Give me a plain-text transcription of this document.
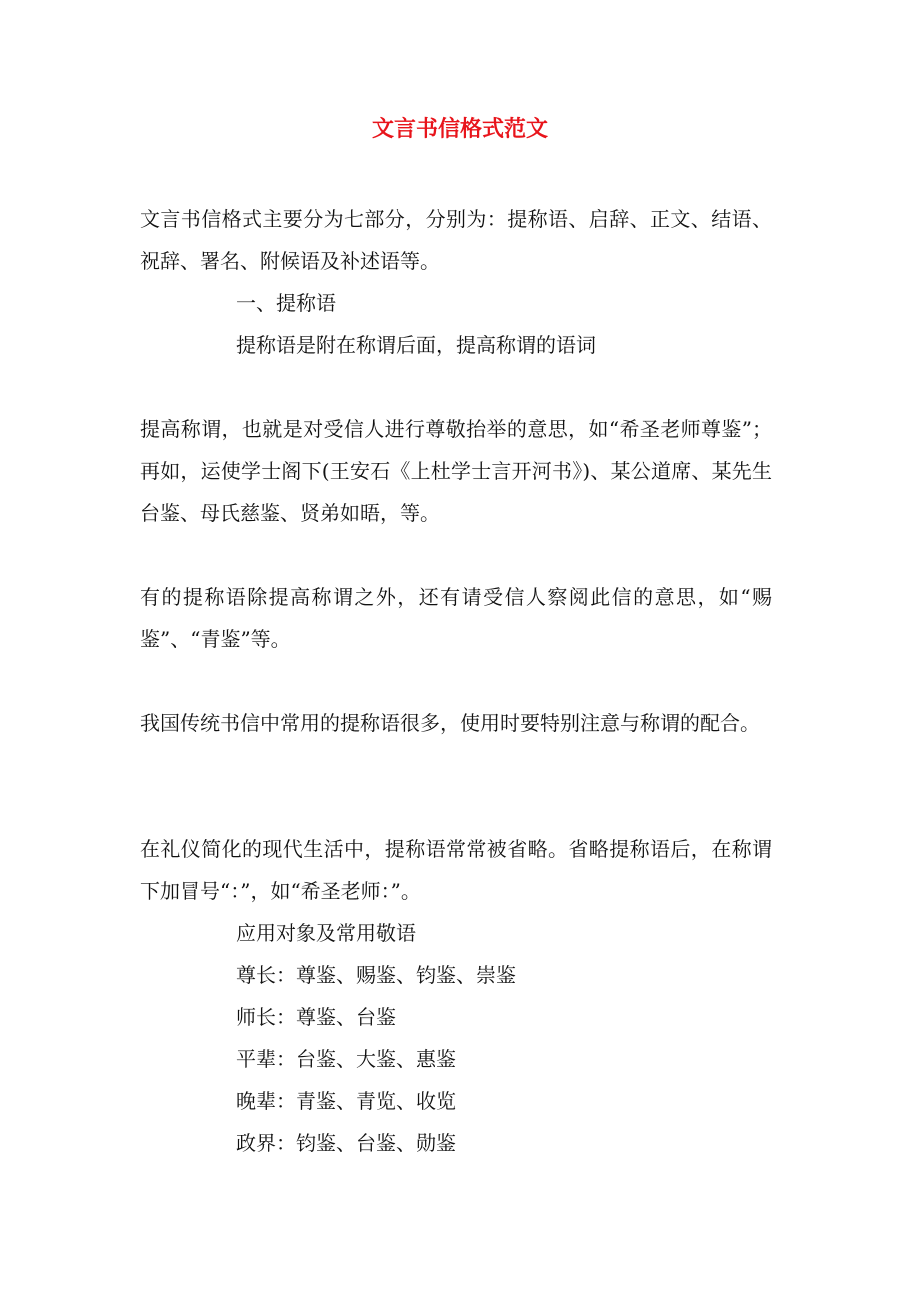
文言书信格式范文

文言书信格式主要分为七部分，分别为：提称语、启辞、正文、结语、祝辞、署名、附候语及补述语等。

一、提称语

提称语是附在称谓后面，提高称谓的语词

提高称谓，也就是对受信人进行尊敬抬举的意思，如“希圣老师尊鉴”；再如，运使学士阁下(王安石《上杜学士言开河书》)、某公道席、某先生台鉴、母氏慈鉴、贤弟如晤，等。

有的提称语除提高称谓之外，还有请受信人察阅此信的意思，如“赐鉴”、“青鉴”等。

我国传统书信中常用的提称语很多，使用时要特别注意与称谓的配合。

在礼仪简化的现代生活中，提称语常常被省略。省略提称语后，在称谓下加冒号“：”，如“希圣老师：”。

应用对象及常用敬语

尊长：尊鉴、赐鉴、钧鉴、崇鉴

师长：尊鉴、台鉴

平辈：台鉴、大鉴、惠鉴

晚辈：青鉴、青览、收览

政界：钧鉴、台鉴、勋鉴
